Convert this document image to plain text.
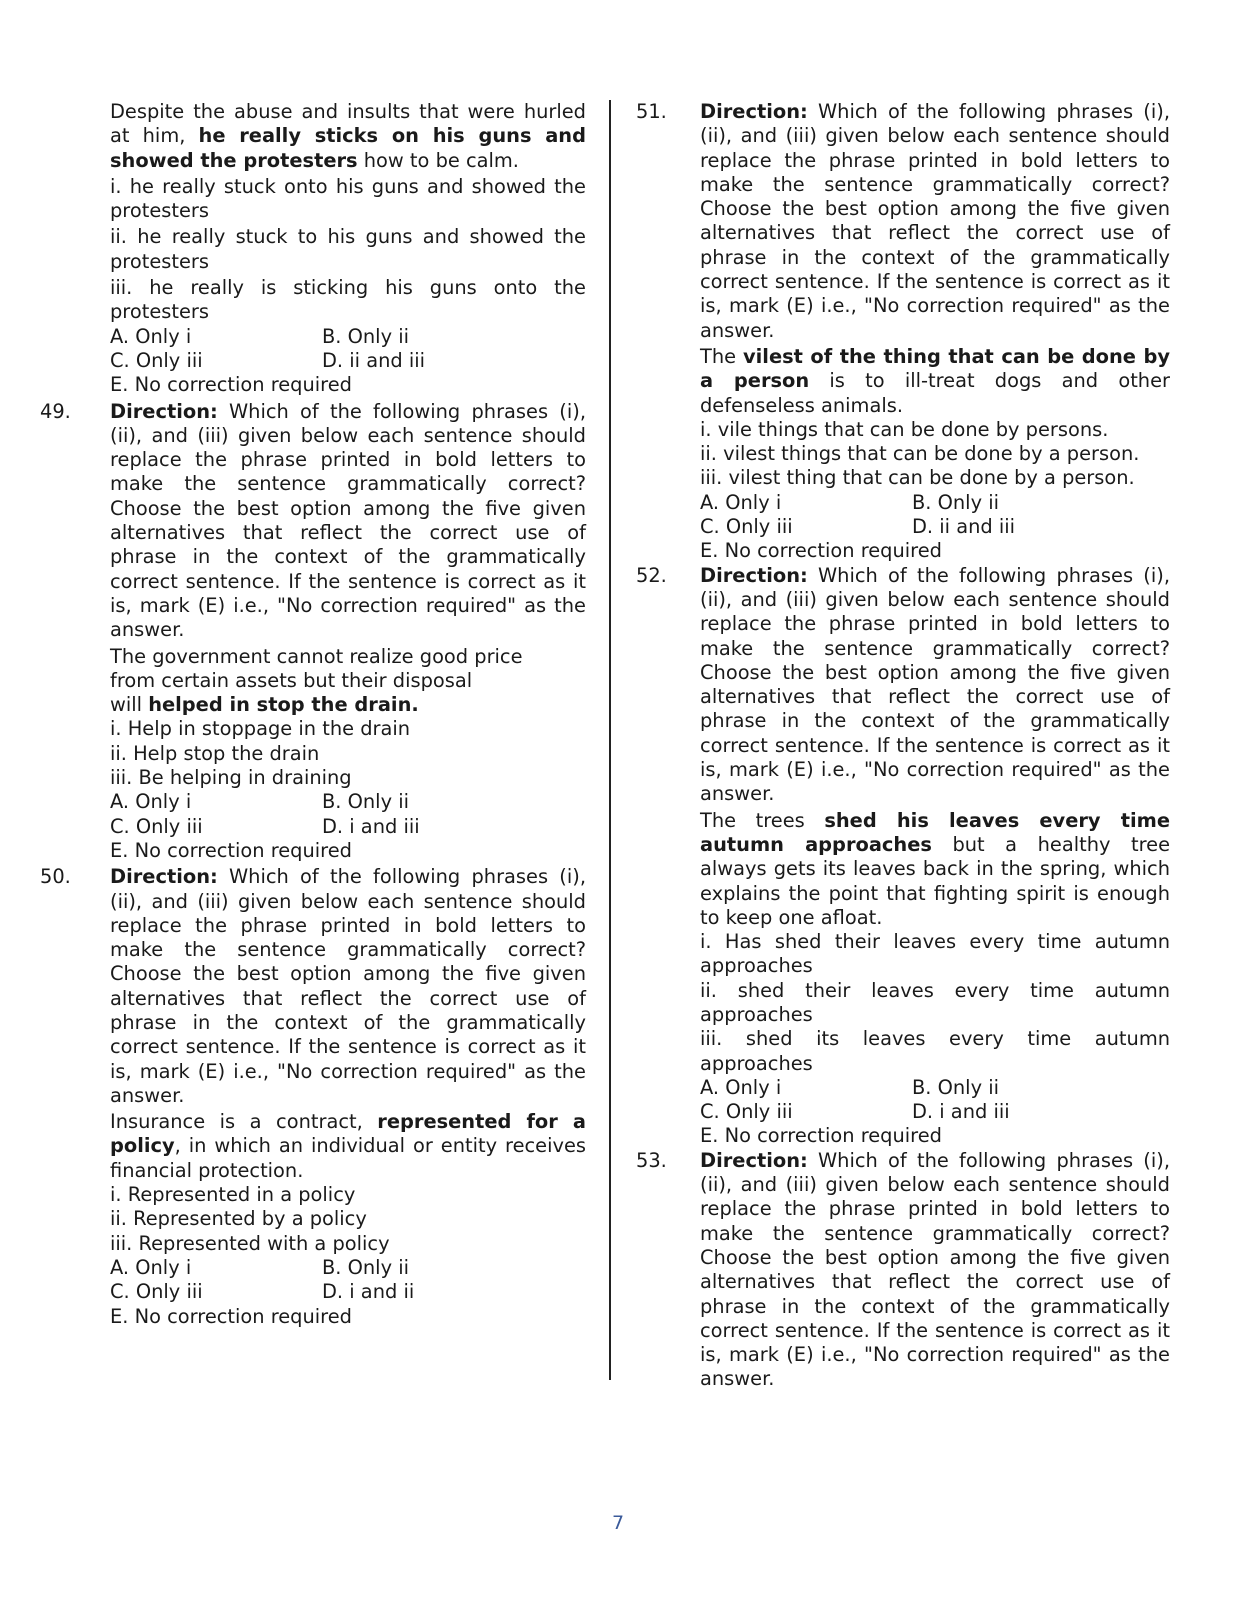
Despite the abuse and insults that were hurled at him, he really sticks on his guns and showed the protesters how to be calm.
i. he really stuck onto his guns and showed the protesters
ii. he really stuck to his guns and showed the protesters
iii. he really is sticking his guns onto the protesters
A. Only i	B. Only ii
C. Only iii	D. ii and iii
E. No correction required
49. Direction: Which of the following phrases (i), (ii), and (iii) given below each sentence should replace the phrase printed in bold letters to make the sentence grammatically correct? Choose the best option among the five given alternatives that reflect the correct use of phrase in the context of the grammatically correct sentence. If the sentence is correct as it is, mark (E) i.e., "No correction required" as the answer.
The government cannot realize good price
from certain assets but their disposal
will helped in stop the drain.
i. Help in stoppage in the drain
ii. Help stop the drain
iii. Be helping in draining
A. Only i	B. Only ii
C. Only iii	D. i and iii
E. No correction required
50. Direction: Which of the following phrases (i), (ii), and (iii) given below each sentence should replace the phrase printed in bold letters to make the sentence grammatically correct? Choose the best option among the five given alternatives that reflect the correct use of phrase in the context of the grammatically correct sentence. If the sentence is correct as it is, mark (E) i.e., "No correction required" as the answer.
Insurance is a contract, represented for a policy, in which an individual or entity receives financial protection.
i. Represented in a policy
ii. Represented by a policy
iii. Represented with a policy
A. Only i	B. Only ii
C. Only iii	D. i and ii
E. No correction required
51. Direction: Which of the following phrases (i), (ii), and (iii) given below each sentence should replace the phrase printed in bold letters to make the sentence grammatically correct? Choose the best option among the five given alternatives that reflect the correct use of phrase in the context of the grammatically correct sentence. If the sentence is correct as it is, mark (E) i.e., "No correction required" as the answer.
The vilest of the thing that can be done by a person is to ill-treat dogs and other defenseless animals.
i. vile things that can be done by persons.
ii. vilest things that can be done by a person.
iii. vilest thing that can be done by a person.
A. Only i	B. Only ii
C. Only iii	D. ii and iii
E. No correction required
52. Direction: Which of the following phrases (i), (ii), and (iii) given below each sentence should replace the phrase printed in bold letters to make the sentence grammatically correct? Choose the best option among the five given alternatives that reflect the correct use of phrase in the context of the grammatically correct sentence. If the sentence is correct as it is, mark (E) i.e., "No correction required" as the answer.
The trees shed his leaves every time autumn approaches but a healthy tree always gets its leaves back in the spring, which explains the point that fighting spirit is enough to keep one afloat.
i. Has shed their leaves every time autumn approaches
ii. shed their leaves every time autumn approaches
iii. shed its leaves every time autumn approaches
A. Only i	B. Only ii
C. Only iii	D. i and iii
E. No correction required
53. Direction: Which of the following phrases (i), (ii), and (iii) given below each sentence should replace the phrase printed in bold letters to make the sentence grammatically correct? Choose the best option among the five given alternatives that reflect the correct use of phrase in the context of the grammatically correct sentence. If the sentence is correct as it is, mark (E) i.e., "No correction required" as the answer.
7
